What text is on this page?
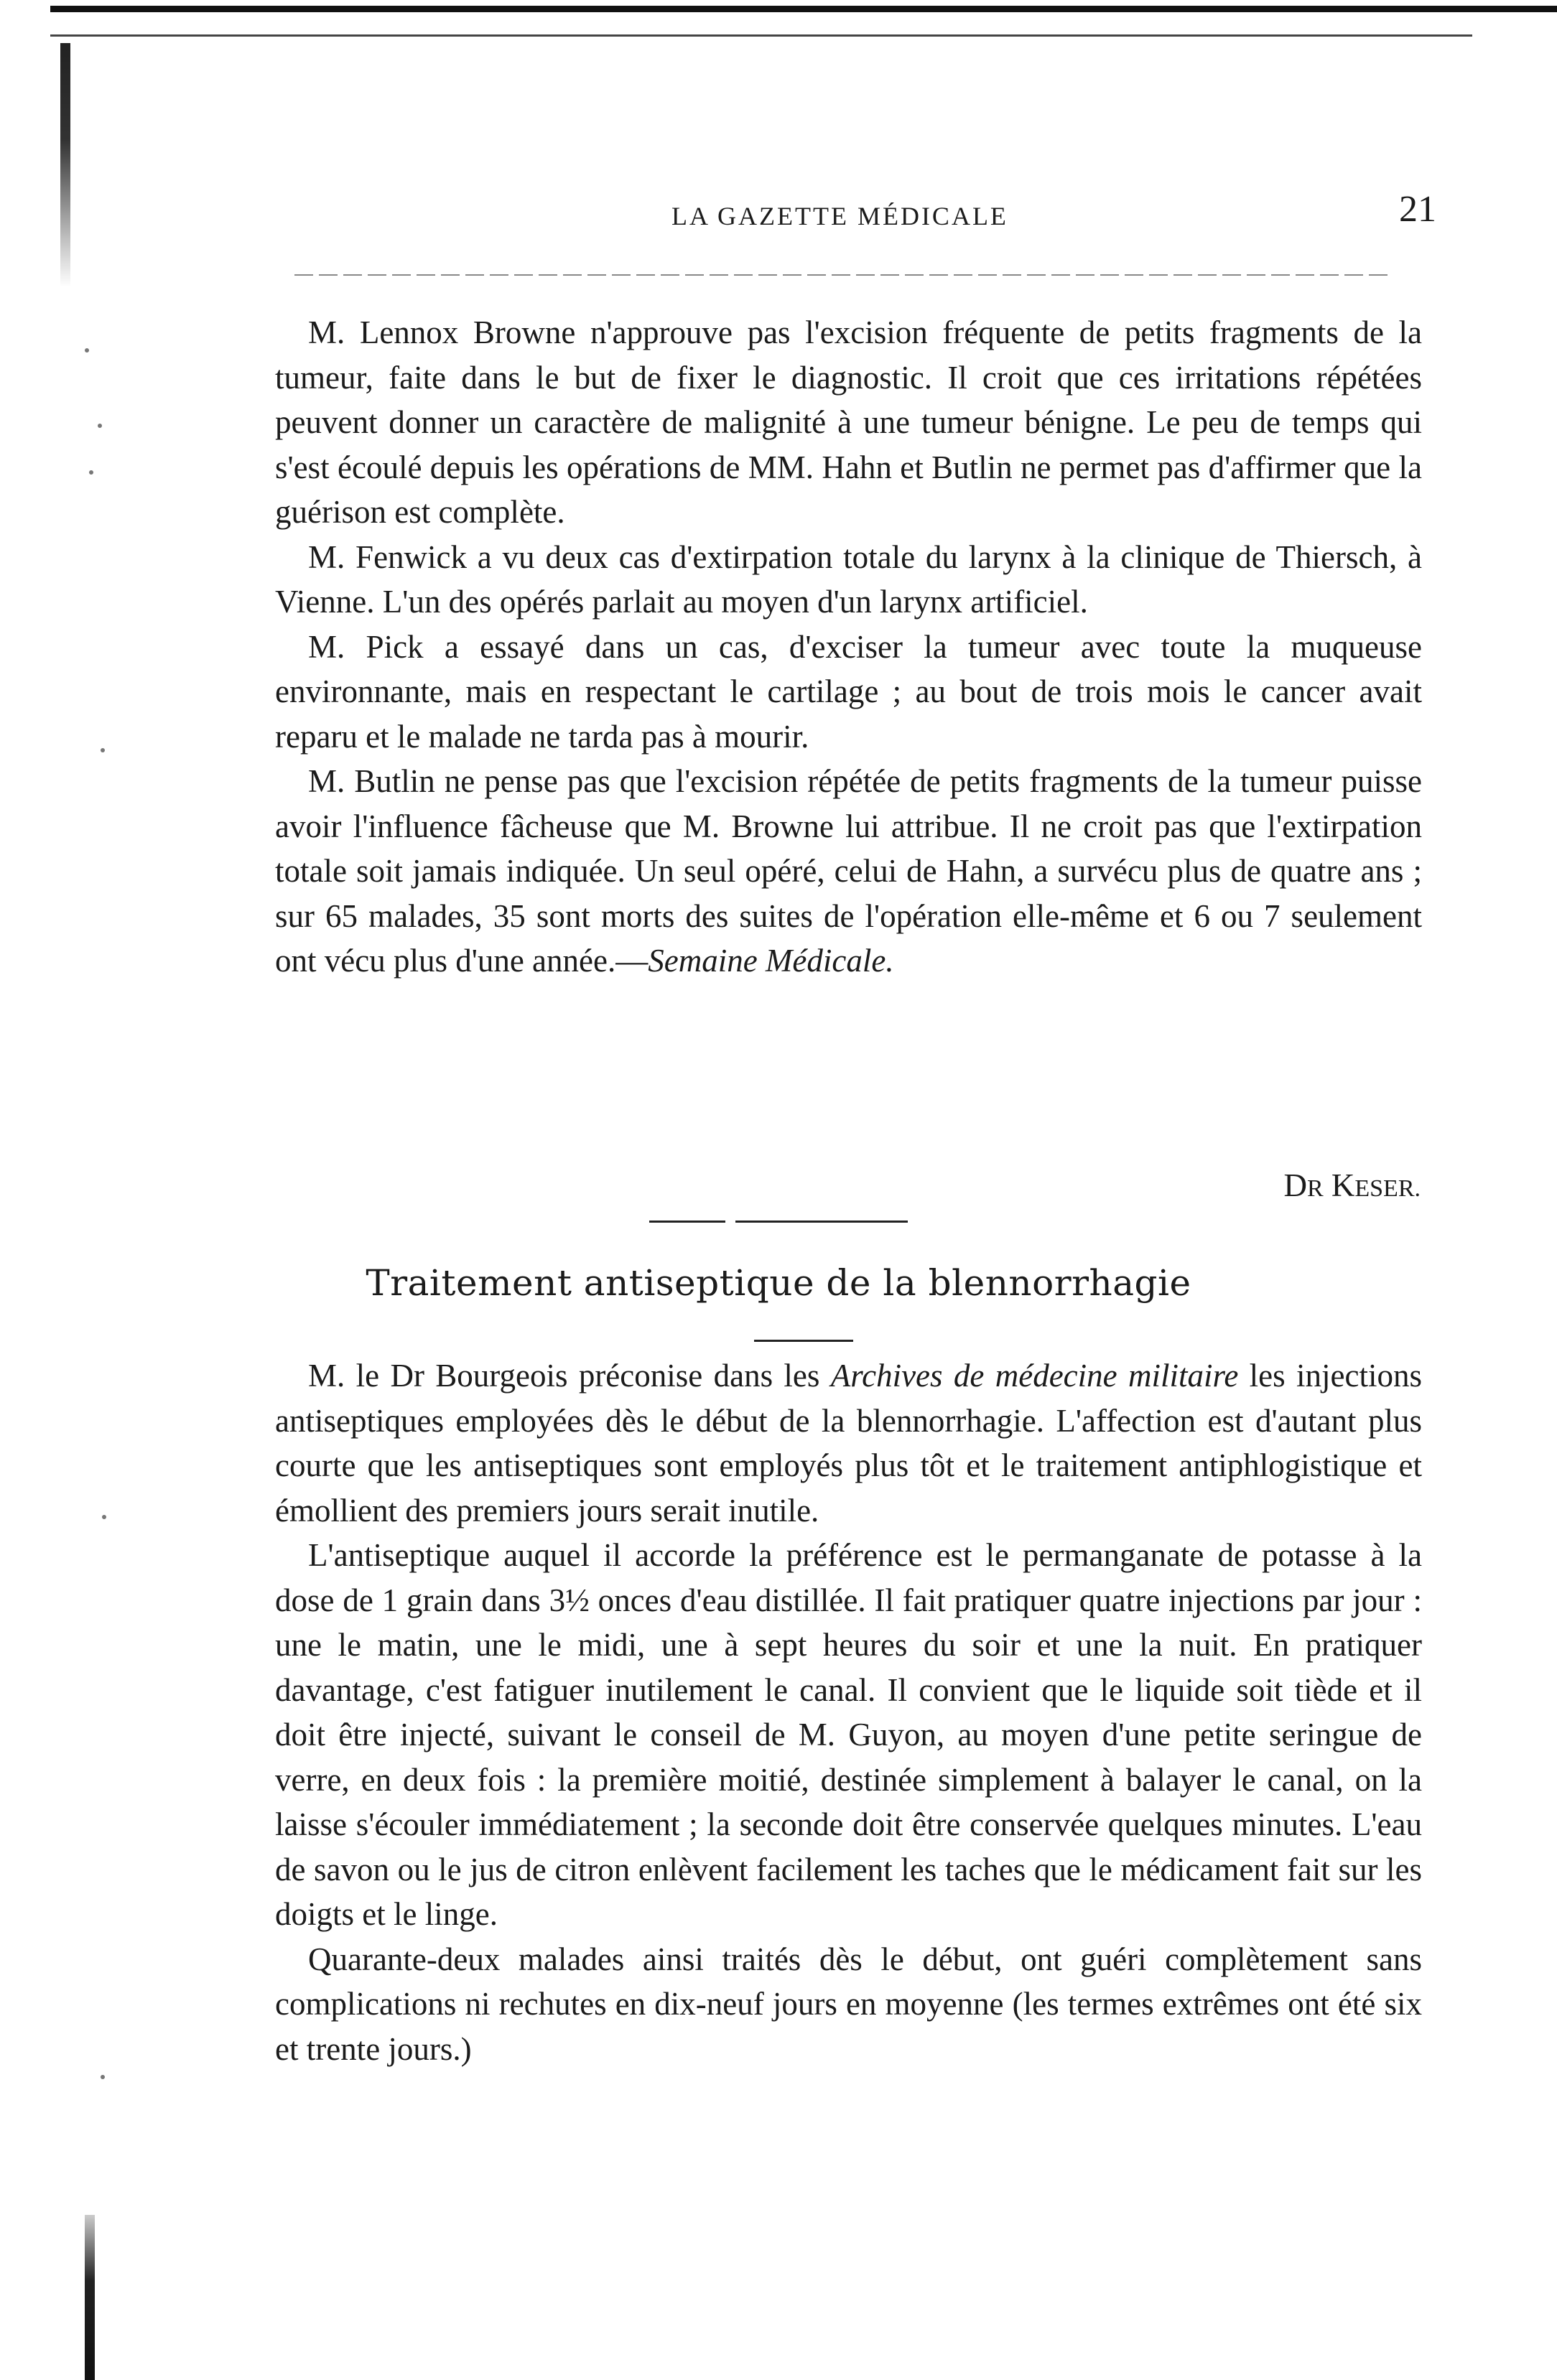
LA GAZETTE MÉDICALE	21

M. Lennox Browne n'approuve pas l'excision fréquente de petits fragments de la tumeur, faite dans le but de fixer le diagnostic. Il croit que ces irritations répétées peuvent donner un caractère de malignité à une tumeur bénigne. Le peu de temps qui s'est écoulé depuis les opérations de MM. Hahn et Butlin ne permet pas d'affirmer que la guérison est complète.

M. Fenwick a vu deux cas d'extirpation totale du larynx à la clinique de Thiersch, à Vienne. L'un des opérés parlait au moyen d'un larynx artificiel.

M. Pick a essayé dans un cas, d'exciser la tumeur avec toute la muqueuse environnante, mais en respectant le cartilage ; au bout de trois mois le cancer avait reparu et le malade ne tarda pas à mourir.

M. Butlin ne pense pas que l'excision répétée de petits fragments de la tumeur puisse avoir l'influence fâcheuse que M. Browne lui attribue. Il ne croit pas que l'extirpation totale soit jamais indiquée. Un seul opéré, celui de Hahn, a survécu plus de quatre ans ; sur 65 malades, 35 sont morts des suites de l'opération elle-même et 6 ou 7 seulement ont vécu plus d'une année.—Semaine Médicale.

DR KESER.
Traitement antiseptique de la blennorrhagie

M. le Dr Bourgeois préconise dans les Archives de médecine militaire les injections antiseptiques employées dès le début de la blennorrhagie. L'affection est d'autant plus courte que les antiseptiques sont employés plus tôt et le traitement antiphlogistique et émollient des premiers jours serait inutile.

L'antiseptique auquel il accorde la préférence est le permanganate de potasse à la dose de 1 grain dans 3½ onces d'eau distillée. Il fait pratiquer quatre injections par jour : une le matin, une le midi, une à sept heures du soir et une la nuit. En pratiquer davantage, c'est fatiguer inutilement le canal. Il convient que le liquide soit tiède et il doit être injecté, suivant le conseil de M. Guyon, au moyen d'une petite seringue de verre, en deux fois : la première moitié, destinée simplement à balayer le canal, on la laisse s'écouler immédiatement ; la seconde doit être conservée quelques minutes. L'eau de savon ou le jus de citron enlèvent facilement les taches que le médicament fait sur les doigts et le linge.

Quarante-deux malades ainsi traités dès le début, ont guéri complètement sans complications ni rechutes en dix-neuf jours en moyenne (les termes extrêmes ont été six et trente jours.)
